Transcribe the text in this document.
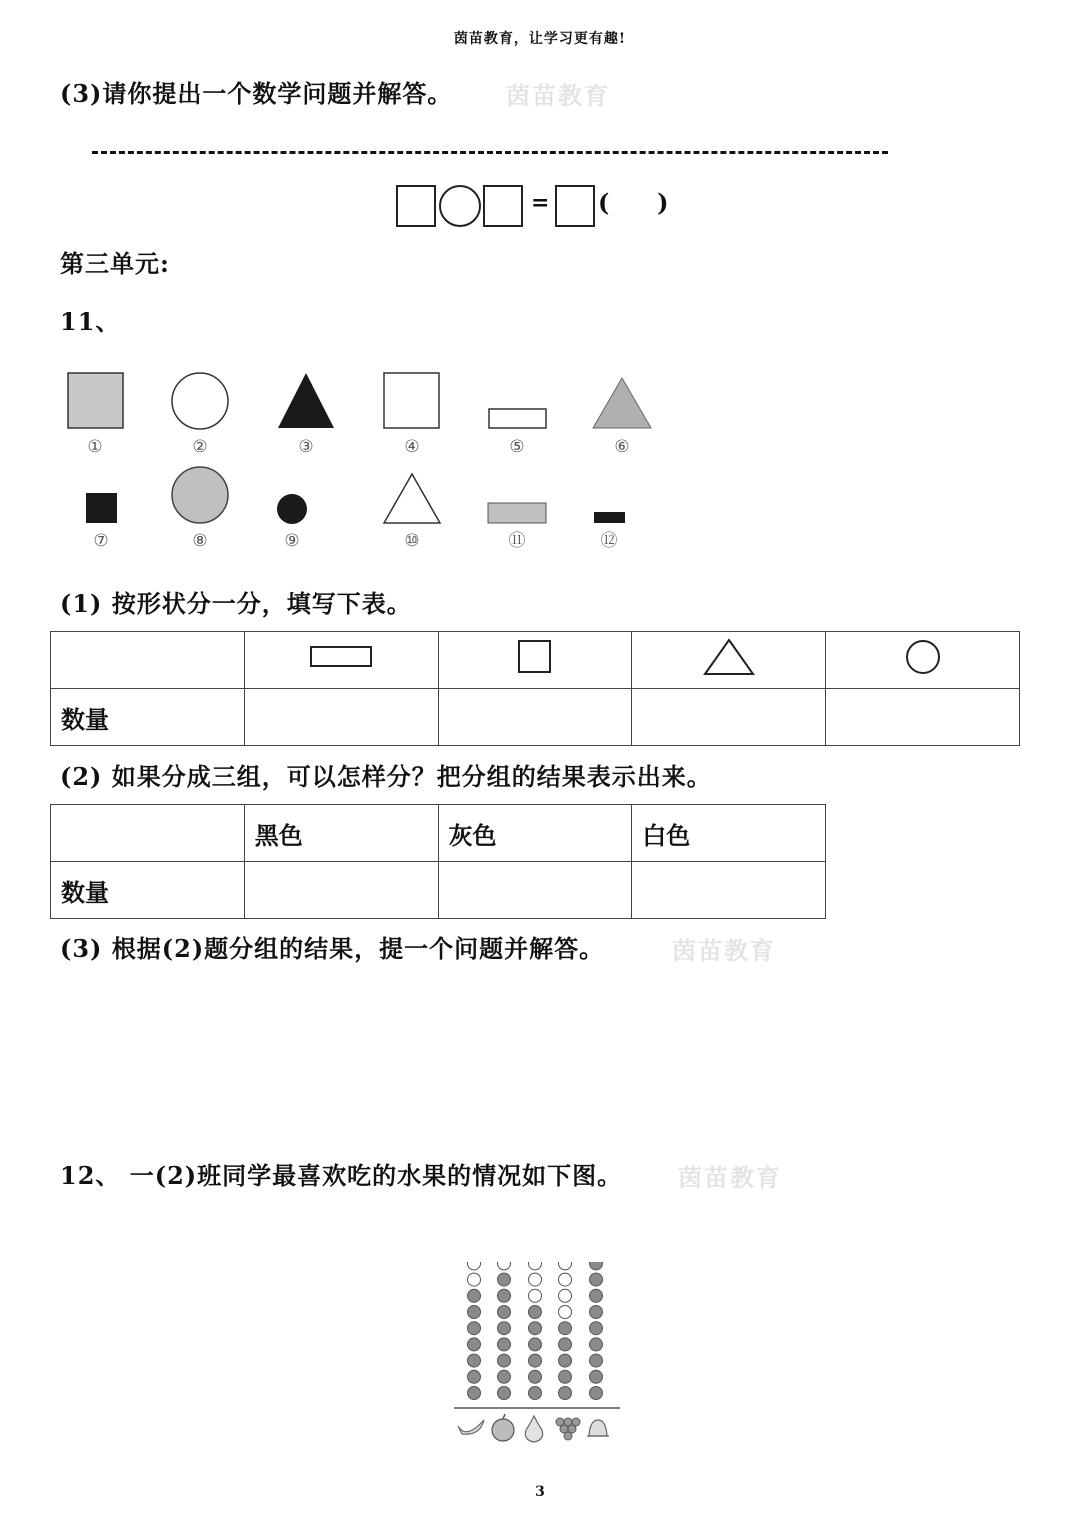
茵苗教育，让学习更有趣!
(3)请你提出一个数学问题并解答。 茵苗教育
= (     )
第三单元:
11、
①	②	③	④	⑤	⑥
⑦	⑧	⑨	⑩	⑪	⑫
(1) 按形状分一分，填写下表。

数量				
(2) 如果分成三组，可以怎样分？把分组的结果表示出来。
	黑色	灰色	白色
数量			
(3) 根据(2)题分组的结果，提一个问题并解答。	茵苗教育
12、 一(2)班同学最喜欢吃的水果的情况如下图。 茵苗教育
3
